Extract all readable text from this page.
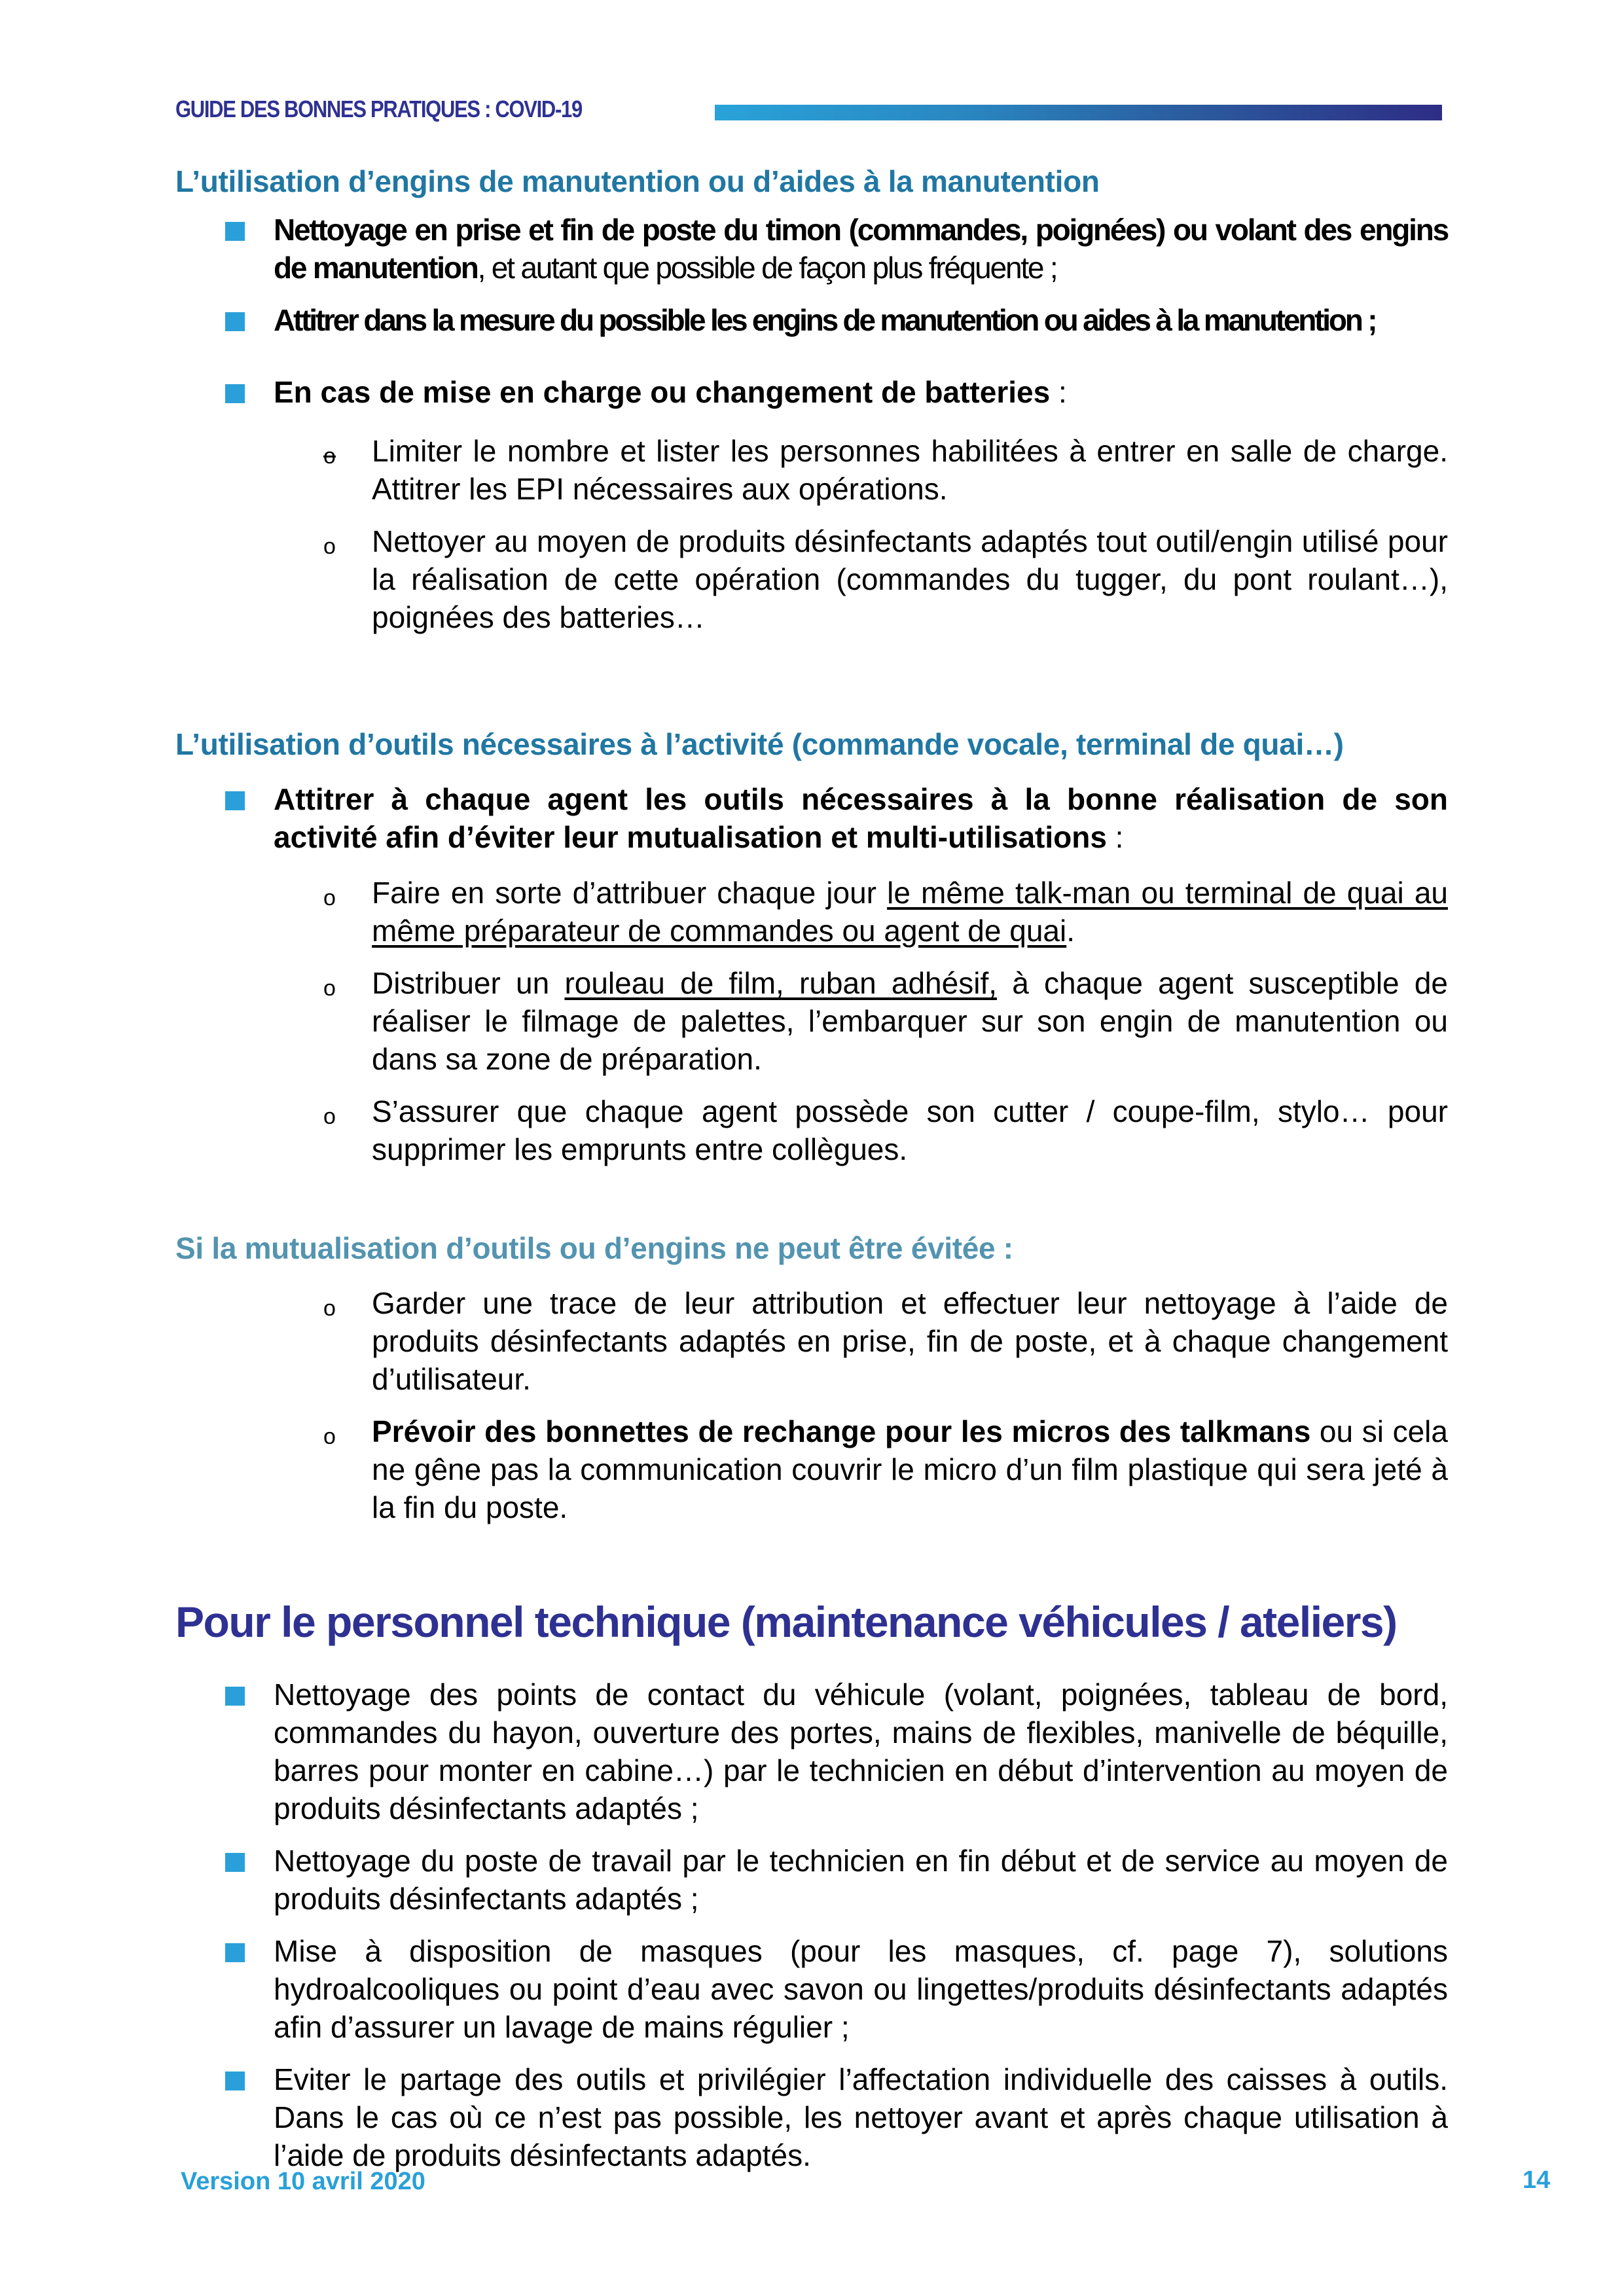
GUIDE DES BONNES PRATIQUES : COVID-19
L’utilisation d’engins de manutention ou d’aides à la manutention
Nettoyage en prise et fin de poste du timon (commandes, poignées) ou volant des engins de manutention, et autant que possible de façon plus fréquente ;
Attitrer dans la mesure du possible les engins de manutention ou aides à la manutention ;
En cas de mise en charge ou changement de batteries :
o Limiter le nombre et lister les personnes habilitées à entrer en salle de charge. Attitrer les EPI nécessaires aux opérations.
o Nettoyer au moyen de produits désinfectants adaptés tout outil/engin utilisé pour la réalisation de cette opération (commandes du tugger, du pont roulant…), poignées des batteries…
L’utilisation d’outils nécessaires à l’activité (commande vocale, terminal de quai…)
Attitrer à chaque agent les outils nécessaires à la bonne réalisation de son activité afin d’éviter leur mutualisation et multi-utilisations :
o Faire en sorte d’attribuer chaque jour le même talk-man ou terminal de quai au même préparateur de commandes ou agent de quai.
o Distribuer un rouleau de film, ruban adhésif, à chaque agent susceptible de réaliser le filmage de palettes, l’embarquer sur son engin de manutention ou dans sa zone de préparation.
o S’assurer que chaque agent possède son cutter / coupe-film, stylo… pour supprimer les emprunts entre collègues.
Si la mutualisation d’outils ou d’engins ne peut être évitée :
o Garder une trace de leur attribution et effectuer leur nettoyage à l’aide de produits désinfectants adaptés en prise, fin de poste, et à chaque changement d’utilisateur.
o Prévoir des bonnettes de rechange pour les micros des talkmans ou si cela ne gêne pas la communication couvrir le micro d’un film plastique qui sera jeté à la fin du poste.
Pour le personnel technique (maintenance véhicules / ateliers)
Nettoyage des points de contact du véhicule (volant, poignées, tableau de bord, commandes du hayon, ouverture des portes, mains de flexibles, manivelle de béquille, barres pour monter en cabine…) par le technicien en début d’intervention au moyen de produits désinfectants adaptés ;
Nettoyage du poste de travail par le technicien en fin début et de service au moyen de produits désinfectants adaptés ;
Mise à disposition de masques (pour les masques, cf. page 7), solutions hydroalcooliques ou point d’eau avec savon ou lingettes/produits désinfectants adaptés afin d’assurer un lavage de mains régulier ;
Eviter le partage des outils et privilégier l’affectation individuelle des caisses à outils. Dans le cas où ce n’est pas possible, les nettoyer avant et après chaque utilisation à l’aide de produits désinfectants adaptés.
Version 10 avril 2020	14
